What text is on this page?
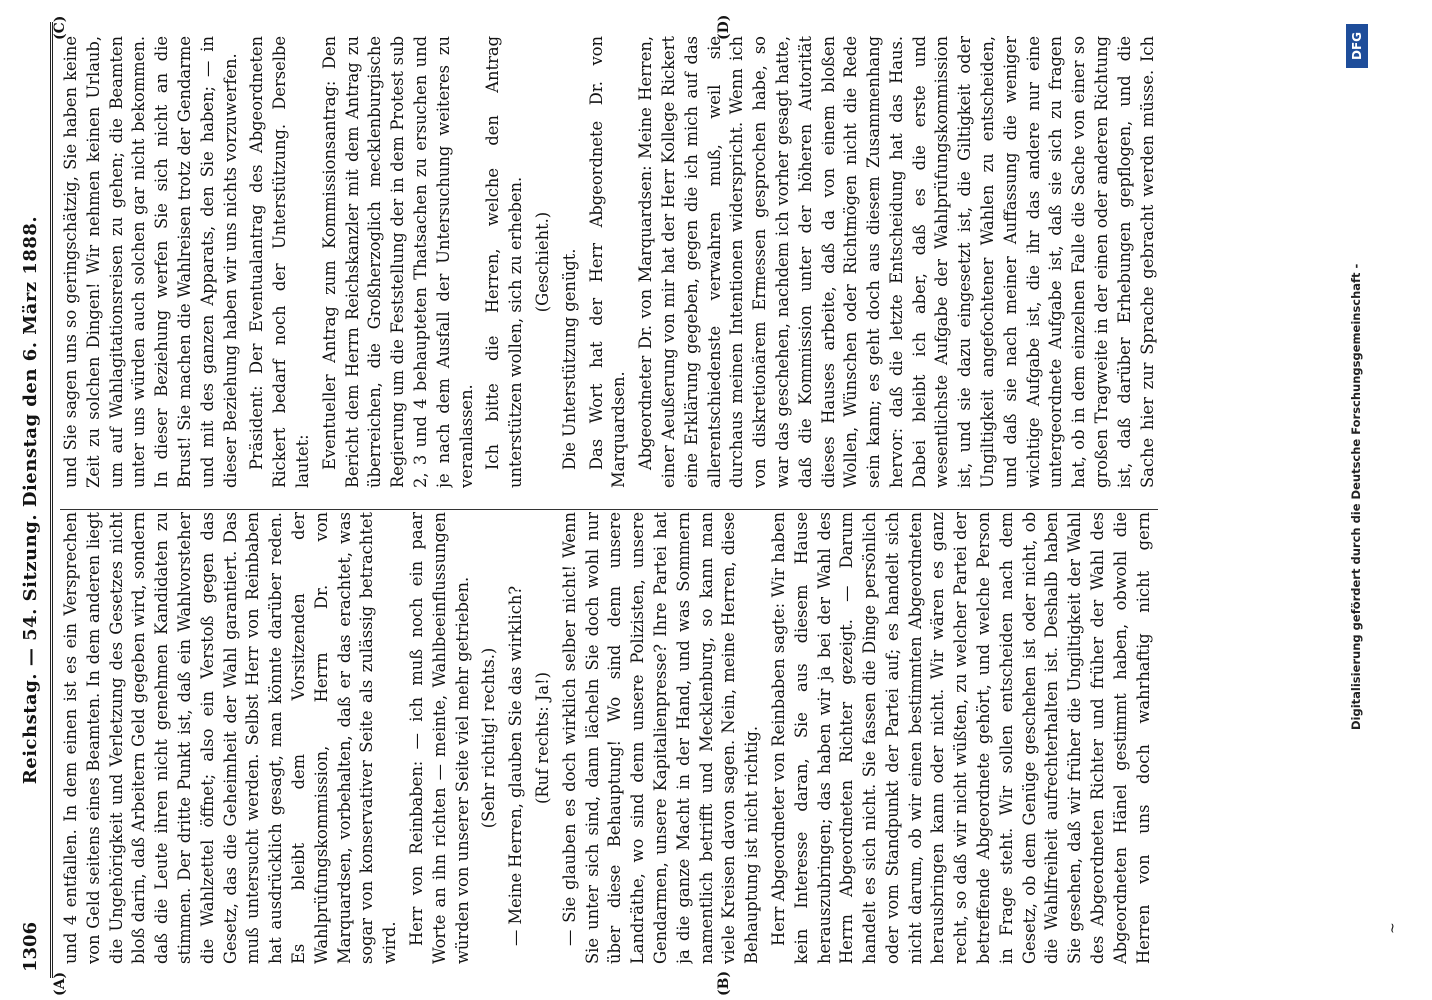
1306
Reichstag. — 54. Sitzung. Dienstag den 6. März 1888.
(A)	(B)
(C)	(D)

und 4 entfallen. In dem einen ist es ein Versprechen von Geld seitens eines Beamten. In dem anderen liegt die Ungehörigkeit und Verletzung des Gesetzes nicht bloß darin, daß Arbeitern Geld gegeben wird, sondern daß die Leute ihren nicht genehmen Kandidaten zu stimmen. Der dritte Punkt ist, daß ein Wahlvorsteher die Wahlzettel öffnet; also ein Verstoß gegen das Gesetz, das die Geheimheit der Wahl garantiert. Das muß untersucht werden. Selbst Herr von Reinbaben hat ausdrücklich gesagt, man könnte darüber reden. Es bleibt dem Vorsitzenden der Wahlprüfungskommission, Herrn Dr. von Marquardsen, vorbehalten, daß er das erachtet, was sogar von konservativer Seite als zulässig betrachtet wird. Herr von Reinbaben: — ich muß noch ein paar Worte an ihn richten — meinte, Wahlbeeinflussungen würden von unserer Seite viel mehr getrieben. (Sehr richtig! rechts.) — Meine Herren, glauben Sie das wirklich? (Ruf rechts: Ja!) — Sie glauben es doch wirklich selber nicht! Wenn Sie unter sich sind, dann lächeln Sie doch wohl nur über diese Behauptung! Wo sind denn unsere Landräthe, wo sind denn unsere Polizisten, unsere Gendarmen, unsere Kapitalienpresse? Ihre Partei hat ja die ganze Macht in der Hand, und was Sommern namentlich betrifft und Mecklenburg, so kann man viele Kreisen davon sagen. Nein, meine Herren, diese Behauptung ist nicht richtig. Herr Abgeordneter von Reinbaben sagte: Wir haben kein Interesse daran, Sie aus diesem Hause herauszubringen; das haben wir ja bei der Wahl des Herrn Abgeordneten Richter gezeigt. — Darum handelt es sich nicht. Sie fassen die Dinge persönlich oder vom Standpunkt der Partei auf; es handelt sich nicht darum, ob wir einen bestimmten Abgeordneten herausbringen kann oder nicht. Wir wären es ganz recht, so daß wir nicht wüßten, zu welcher Partei der betreffende Abgeordnete gehört, und welche Person in Frage steht. Wir sollen entscheiden nach dem Gesetz, ob dem Genüge geschehen ist oder nicht, ob die Wahlfreiheit aufrechterhalten ist. Deshalb haben Sie gesehen, daß wir früher die Ungiltigkeit der Wahl des Abgeordneten Richter und früher der Wahl des Abgeordneten Hänel gestimmt haben, obwohl die Herren von uns doch wahrhaftig nicht gern

und Sie sagen uns so geringschätzig, Sie haben keine Zeit zu solchen Dingen! Wir nehmen keinen Urlaub, um auf Wahlagitationsreisen zu gehen; die Beamten unter uns würden auch solchen gar nicht bekommen. In dieser Beziehung werfen Sie sich nicht an die Brust! Sie machen die Wahlreisen trotz der Gendarme und mit des ganzen Apparats, den Sie haben; — in dieser Beziehung haben wir uns nichts vorzuwerfen. Präsident: Der Eventualantrag des Abgeordneten Rickert bedarf noch der Unterstützung. Derselbe lautet: Eventueller Antrag zum Kommissionsantrag: Den Bericht dem Herrn Reichskanzler mit dem Antrag zu überreichen, die Großherzoglich mecklenburgische Regierung um die Feststellung der in dem Protest sub 2, 3 und 4 behaupteten Thatsachen zu ersuchen und je nach dem Ausfall der Untersuchung weiteres zu veranlassen. Ich bitte die Herren, welche den Antrag unterstützen wollen, sich zu erheben. (Geschieht.) Die Unterstützung genügt. Das Wort hat der Herr Abgeordnete Dr. von Marquardsen. Abgeordneter Dr. von Marquardsen: Meine Herren, einer Aeußerung von mir hat der Herr Kollege Rickert eine Erklärung gegeben, gegen die ich mich auf das allerentschiedenste verwahren muß, weil sie durchaus meinen Intentionen widerspricht. Wenn ich von diskretionärem Ermessen gesprochen habe, so war das geschehen, nachdem ich vorher gesagt hatte, daß die Kommission unter der höheren Autorität dieses Hauses arbeite, daß da von einem bloßen Wollen, Wünschen oder Richtmögen nicht die Rede sein kann; es geht doch aus diesem Zusammenhang hervor: daß die letzte Entscheidung hat das Haus. Dabei bleibt ich aber, daß es die erste und wesentlichste Aufgabe der Wahlprüfungskommission ist, und sie dazu eingesetzt ist, die Giltigkeit oder Ungiltigkeit angefochtener Wahlen zu entscheiden, und daß sie nach meiner Auffassung die weniger wichtige Aufgabe ist, die ihr das andere nur eine untergeordnete Aufgabe ist, daß sie sich zu fragen hat, ob in dem einzelnen Falle die Sache von einer so großen Tragweite in der einen oder anderen Richtung ist, daß darüber Erhebungen gepflogen, und die Sache hier zur Sprache gebracht werden müsse. Ich

Digitalisierung gefördert durch die Deutsche Forschungsgemeinschaft -
DFG
~
